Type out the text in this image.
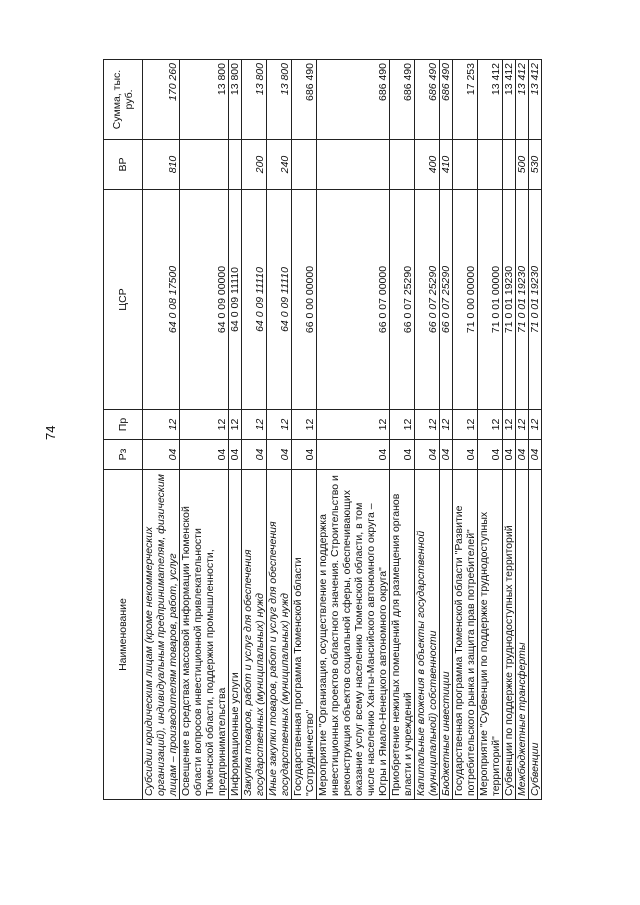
74
Наименование	Рз	Пр	ЦСР	ВР	Сумма, тыс. руб.
Субсидии юридическим лицам (кроме некоммерческих организаций), индивидуальным предпринимателям, физическим лицам – производителям товаров, работ, услуг	04	12	64 0 08 17500	810	170 260
Освещение в средствах массовой информации Тюменской области вопросов инвестиционной привлекательности Тюменской области, поддержки промышленности, предпринимательства	04	12	64 0 09 00000		13 800
Информационные услуги	04	12	64 0 09 11110		13 800
Закупка товаров, работ и услуг для обеспечения государственных (муниципальных) нужд	04	12	64 0 09 11110	200	13 800
Иные закупки товаров, работ и услуг для обеспечения государственных (муниципальных) нужд	04	12	64 0 09 11110	240	13 800
Государственная программа Тюменской области "Сотрудничество"	04	12	66 0 00 00000		686 490
Мероприятие "Организация, осуществление и поддержка инвестиционных проектов областного значения. Строительство и реконструкция объектов социальной сферы, обеспечивающих оказание услуг всему населению Тюменской области, в том числе населению Ханты-Мансийского автономного округа – Югры и Ямало-Ненецкого автономного округа"	04	12	66 0 07 00000		686 490
Приобретение нежилых помещений для размещения органов власти и учреждений	04	12	66 0 07 25290		686 490
Капитальные вложения в объекты государственной (муниципальной) собственности	04	12	66 0 07 25290	400	686 490
Бюджетные инвестиции	04	12	66 0 07 25290	410	686 490
Государственная программа Тюменской области "Развитие потребительского рынка и защита прав потребителей"	04	12	71 0 00 00000		17 253
Мероприятие "Субвенции по поддержке труднодоступных территорий"	04	12	71 0 01 00000		13 412
Субвенции по поддержке труднодоступных территорий	04	12	71 0 01 19230		13 412
Межбюджетные трансферты	04	12	71 0 01 19230	500	13 412
Субвенции	04	12	71 0 01 19230	530	13 412
